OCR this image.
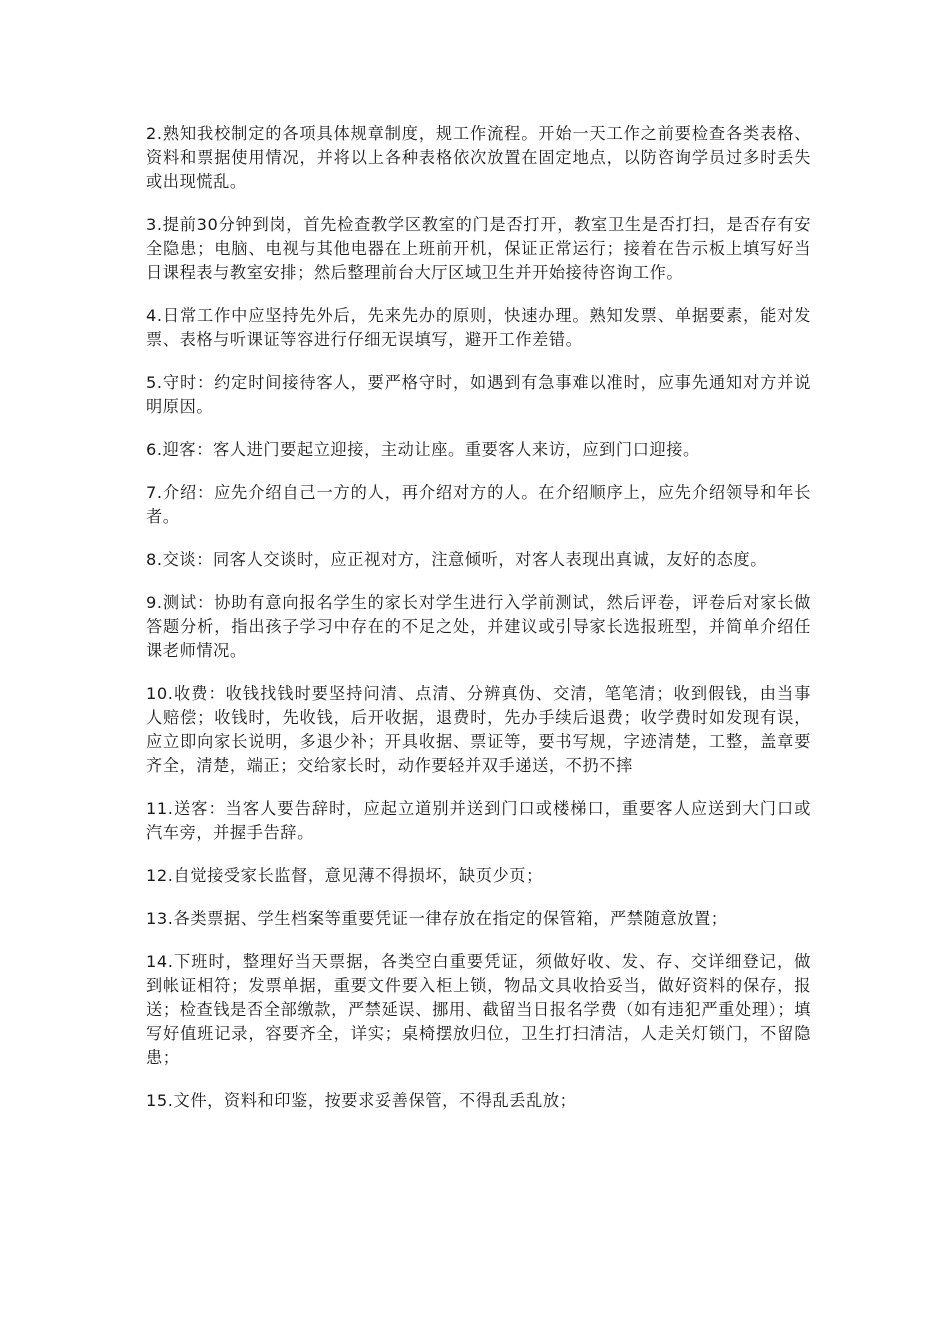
2.熟知我校制定的各项具体规章制度，规工作流程。开始一天工作之前要检查各类表格、资料和票据使用情况，并将以上各种表格依次放置在固定地点，以防咨询学员过多时丢失或出现慌乱。

3.提前30分钟到岗，首先检查教学区教室的门是否打开，教室卫生是否打扫，是否存有安全隐患；电脑、电视与其他电器在上班前开机，保证正常运行；接着在告示板上填写好当日课程表与教室安排；然后整理前台大厅区域卫生并开始接待咨询工作。

4.日常工作中应坚持先外后，先来先办的原则，快速办理。熟知发票、单据要素，能对发票、表格与听课证等容进行仔细无误填写，避开工作差错。

5.守时：约定时间接待客人，要严格守时，如遇到有急事难以准时，应事先通知对方并说明原因。

6.迎客：客人进门要起立迎接，主动让座。重要客人来访，应到门口迎接。

7.介绍：应先介绍自己一方的人，再介绍对方的人。在介绍顺序上，应先介绍领导和年长者。

8.交谈：同客人交谈时，应正视对方，注意倾听，对客人表现出真诚，友好的态度。

9.测试：协助有意向报名学生的家长对学生进行入学前测试，然后评卷，评卷后对家长做答题分析，指出孩子学习中存在的不足之处，并建议或引导家长选报班型，并简单介绍任课老师情况。

10.收费：收钱找钱时要坚持问清、点清、分辨真伪、交清，笔笔清；收到假钱，由当事人赔偿；收钱时，先收钱，后开收据，退费时，先办手续后退费；收学费时如发现有误，应立即向家长说明，多退少补；开具收据、票证等，要书写规，字迹清楚，工整，盖章要齐全，清楚，端正；交给家长时，动作要轻并双手递送，不扔不摔

11.送客：当客人要告辞时，应起立道别并送到门口或楼梯口，重要客人应送到大门口或汽车旁，并握手告辞。

12.自觉接受家长监督，意见薄不得损坏，缺页少页；

13.各类票据、学生档案等重要凭证一律存放在指定的保管箱，严禁随意放置；

14.下班时，整理好当天票据，各类空白重要凭证，须做好收、发、存、交详细登记，做到帐证相符；发票单据，重要文件要入柜上锁，物品文具收拾妥当，做好资料的保存，报送；检查钱是否全部缴款，严禁延误、挪用、截留当日报名学费（如有违犯严重处理）；填写好值班记录，容要齐全，详实；桌椅摆放归位，卫生打扫清洁，人走关灯锁门，不留隐患；

15.文件，资料和印鉴，按要求妥善保管，不得乱丢乱放；
